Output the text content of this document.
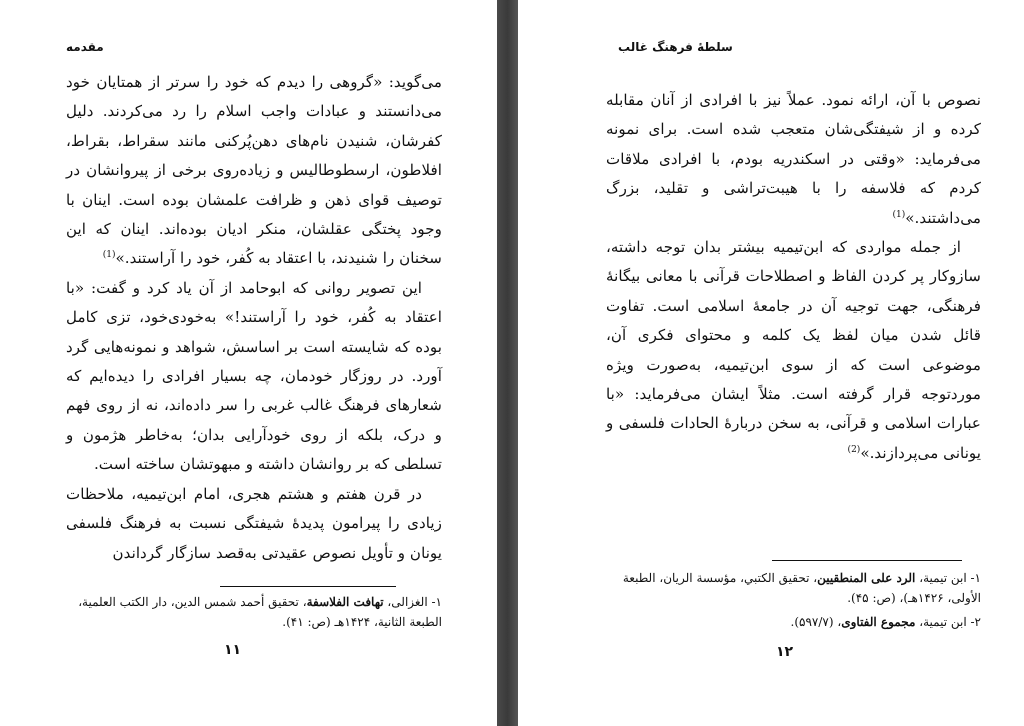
مقدمه

می‌گوید: «گروهی را دیدم که خود را سرتر از همتایان خود می‌دانستند و عبادات واجب اسلام را رد می‌کردند. دلیل کفرشان، شنیدن نام‌های دهن‌پُرکنی مانند سقراط، بقراط، افلاطون، ارسطوطالیس و زیاده‌روی برخی از پیروانشان در توصیف قوای ذهن و ظرافت علمشان بوده است. اینان با وجود پختگی عقلشان، منکر ادیان بوده‌اند. اینان که این سخنان را شنیدند، با اعتقاد به کُفر، خود را آراستند.»$^{(1)}$

این تصویر روانی که ابوحامد از آن یاد کرد و گفت: «با اعتقاد به کُفر، خود را آراستند!» به‌خودی‌خود، تزی کامل بوده که شایسته است بر اساسش، شواهد و نمونه‌هایی گرد آورد. در روزگار خودمان، چه بسیار افرادی را دیده‌ایم که شعارهای فرهنگ غالب غربی را سر داده‌اند، نه از روی فهم و درک، بلکه از روی خودآرایی بدان؛ به‌خاطر هژمون و تسلطی که بر روانشان داشته و مبهوتشان ساخته است.

در قرن هفتم و هشتم هجری، امام ابن‌تیمیه، ملاحظات زیادی را پیرامون پدیدهٔ شیفتگی نسبت به فرهنگ فلسفی یونان و تأویل نصوص عقیدتی به‌قصد سازگار گرداندن

۱- الغزالی، تهافت الفلاسفة، تحقیق أحمد شمس الدین، دار الکتب العلمیة، الطبعة الثانیة، ۱۴۲۴هـ (ص: ۴۱).

۱۱
سلطهٔ فرهنگ غالب

نصوص با آن، ارائه نمود. عملاً نیز با افرادی از آنان مقابله کرده و از شیفتگی‌شان متعجب شده است. برای نمونه می‌فرماید: «وقتی در اسکندریه بودم، با افرادی ملاقات کردم که فلاسفه را با هیبت‌تراشی و تقلید، بزرگ می‌داشتند.»$^{(1)}$

از جمله مواردی که ابن‌تیمیه بیشتر بدان توجه داشته، سازوکار پر کردن الفاظ و اصطلاحات قرآنی با معانی بیگانهٔ فرهنگی، جهت توجیه آن در جامعهٔ اسلامی است. تفاوت قائل شدن میان لفظ یک کلمه و محتوای فکری آن، موضوعی است که از سوی ابن‌تیمیه، به‌صورت ویژه موردتوجه قرار گرفته است. مثلاً ایشان می‌فرماید: «با عبارات اسلامی و قرآنی، به سخن دربارهٔ الحادات فلسفی و یونانی می‌پردازند.»$^{(2)}$

۱- ابن تیمیة، الرد علی المنطقیین، تحقیق الکتبي، مؤسسة الریان، الطبعة الأولی، ۱۴۲۶هـ)، (ص: ۴۵).

۲- ابن تیمیة، مجموع الفتاوی، (۵۹۷/۷).

۱۲
